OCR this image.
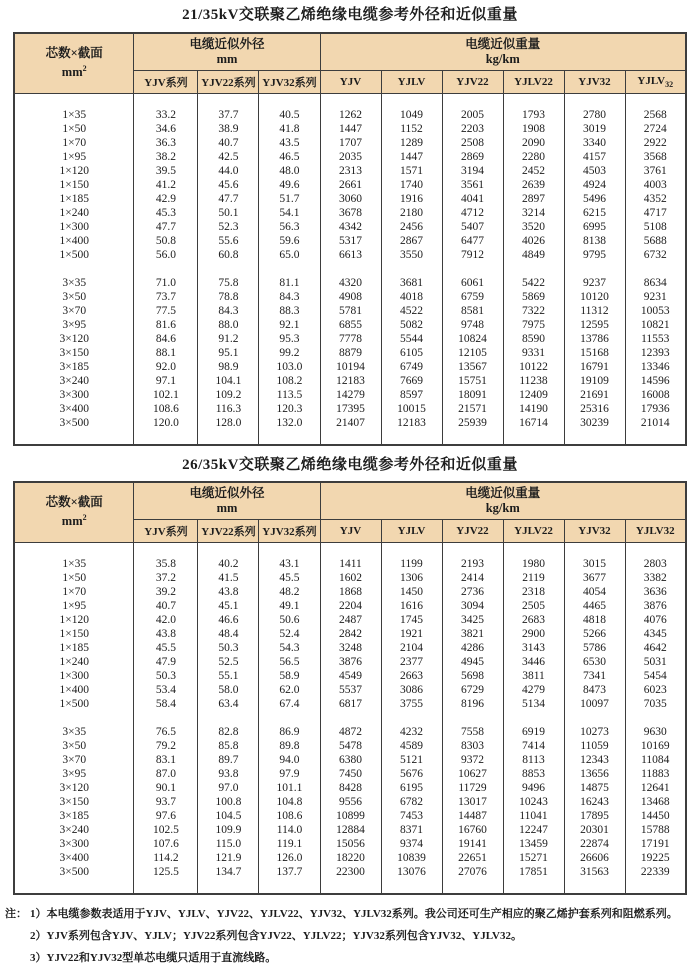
21/35kV交联聚乙烯绝缘电缆参考外径和近似重量
芯数×截面
$mm^2$

电缆近似外径
mm

电缆近似重量
kg/km

	YJV系列	YJV22系列	YJV32系列	YJV	YJLV	YJV22	YJLV22	YJV32	$YJLV_{32}$

1×35	33.2	37.7	40.5	1262	1049	2005	1793	2780	2568
1×50	34.6	38.9	41.8	1447	1152	2203	1908	3019	2724
1×70	36.3	40.7	43.5	1707	1289	2508	2090	3340	2922
1×95	38.2	42.5	46.5	2035	1447	2869	2280	4157	3568
1×120	39.5	44.0	48.0	2313	1571	3194	2452	4503	3761
1×150	41.2	45.6	49.6	2661	1740	3561	2639	4924	4003
1×185	42.9	47.7	51.7	3060	1916	4041	2897	5496	4352
1×240	45.3	50.1	54.1	3678	2180	4712	3214	6215	4717
1×300	47.7	52.3	56.3	4342	2456	5407	3520	6995	5108
1×400	50.8	55.6	59.6	5317	2867	6477	4026	8138	5688
1×500	56.0	60.8	65.0	6613	3550	7912	4849	9795	6732

3×35	71.0	75.8	81.1	4320	3681	6061	5422	9237	8634
3×50	73.7	78.8	84.3	4908	4018	6759	5869	10120	9231
3×70	77.5	84.3	88.3	5781	4522	8581	7322	11312	10053
3×95	81.6	88.0	92.1	6855	5082	9748	7975	12595	10821
3×120	84.6	91.2	95.3	7778	5544	10824	8590	13786	11553
3×150	88.1	95.1	99.2	8879	6105	12105	9331	15168	12393
3×185	92.0	98.9	103.0	10194	6749	13567	10122	16791	13346
3×240	97.1	104.1	108.2	12183	7669	15751	11238	19109	14596
3×300	102.1	109.2	113.5	14279	8597	18091	12409	21691	16008
3×400	108.6	116.3	120.3	17395	10015	21571	14190	25316	17936
3×500	120.0	128.0	132.0	21407	12183	25939	16714	30239	21014

26/35kV交联聚乙烯绝缘电缆参考外径和近似重量
芯数×截面
$mm^2$

电缆近似外径
mm

电缆近似重量
kg/km

	YJV系列	YJV22系列	YJV32系列	YJV	YJLV	YJV22	YJLV22	YJV32	YJLV32

1×35	35.8	40.2	43.1	1411	1199	2193	1980	3015	2803
1×50	37.2	41.5	45.5	1602	1306	2414	2119	3677	3382
1×70	39.2	43.8	48.2	1868	1450	2736	2318	4054	3636
1×95	40.7	45.1	49.1	2204	1616	3094	2505	4465	3876
1×120	42.0	46.6	50.6	2487	1745	3425	2683	4818	4076
1×150	43.8	48.4	52.4	2842	1921	3821	2900	5266	4345
1×185	45.5	50.3	54.3	3248	2104	4286	3143	5786	4642
1×240	47.9	52.5	56.5	3876	2377	4945	3446	6530	5031
1×300	50.3	55.1	58.9	4549	2663	5698	3811	7341	5454
1×400	53.4	58.0	62.0	5537	3086	6729	4279	8473	6023
1×500	58.4	63.4	67.4	6817	3755	8196	5134	10097	7035

3×35	76.5	82.8	86.9	4872	4232	7558	6919	10273	9630
3×50	79.2	85.8	89.8	5478	4589	8303	7414	11059	10169
3×70	83.1	89.7	94.0	6380	5121	9372	8113	12343	11084
3×95	87.0	93.8	97.9	7450	5676	10627	8853	13656	11883
3×120	90.1	97.0	101.1	8428	6195	11729	9496	14875	12641
3×150	93.7	100.8	104.8	9556	6782	13017	10243	16243	13468
3×185	97.6	104.5	108.6	10899	7453	14487	11041	17895	14450
3×240	102.5	109.9	114.0	12884	8371	16760	12247	20301	15788
3×300	107.6	115.0	119.1	15056	9374	19141	13459	22874	17191
3×400	114.2	121.9	126.0	18220	10839	22651	15271	26606	19225
3×500	125.5	134.7	137.7	22300	13076	27076	17851	31563	22339

注： 1）本电缆参数表适用于YJV、YJLV、YJV22、YJLV22、YJV32、YJLV32系列。我公司还可生产相应的聚乙烯护套系列和阻燃系列。
2）YJV系列包含YJV、YJLV；YJV22系列包含YJV22、YJLV22；YJV32系列包含YJV32、YJLV32。
3）YJV22和YJV32型单芯电缆只适用于直流线路。
